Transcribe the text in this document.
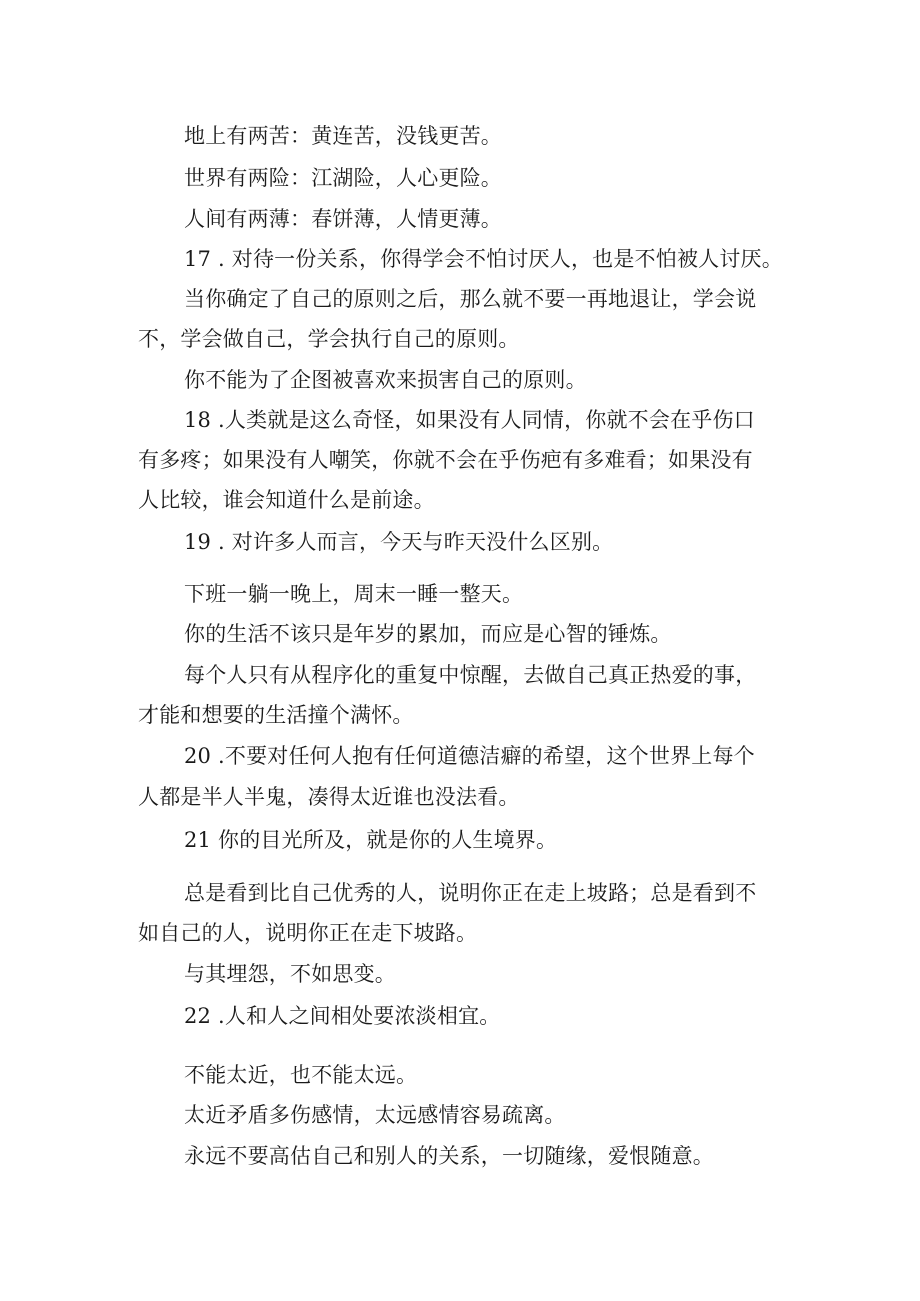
地上有两苦：黄连苦，没钱更苦。
世界有两险：江湖险，人心更险。
人间有两薄：春饼薄，人情更薄。
17 . 对待一份关系，你得学会不怕讨厌人，也是不怕被人讨厌。
当你确定了自己的原则之后，那么就不要一再地退让，学会说
不，学会做自己，学会执行自己的原则。
你不能为了企图被喜欢来损害自己的原则。
18 .人类就是这么奇怪，如果没有人同情，你就不会在乎伤口
有多疼；如果没有人嘲笑，你就不会在乎伤疤有多难看；如果没有
人比较，谁会知道什么是前途。
19 . 对许多人而言，今天与昨天没什么区别。
下班一躺一晚上，周末一睡一整天。
你的生活不该只是年岁的累加，而应是心智的锤炼。
每个人只有从程序化的重复中惊醒，去做自己真正热爱的事，
才能和想要的生活撞个满怀。
20 .不要对任何人抱有任何道德洁癖的希望，这个世界上每个
人都是半人半鬼，凑得太近谁也没法看。
21 你的目光所及，就是你的人生境界。
总是看到比自己优秀的人，说明你正在走上坡路；总是看到不
如自己的人，说明你正在走下坡路。
与其埋怨，不如思变。
22 .人和人之间相处要浓淡相宜。
不能太近，也不能太远。
太近矛盾多伤感情，太远感情容易疏离。
永远不要高估自己和别人的关系，一切随缘，爱恨随意。
